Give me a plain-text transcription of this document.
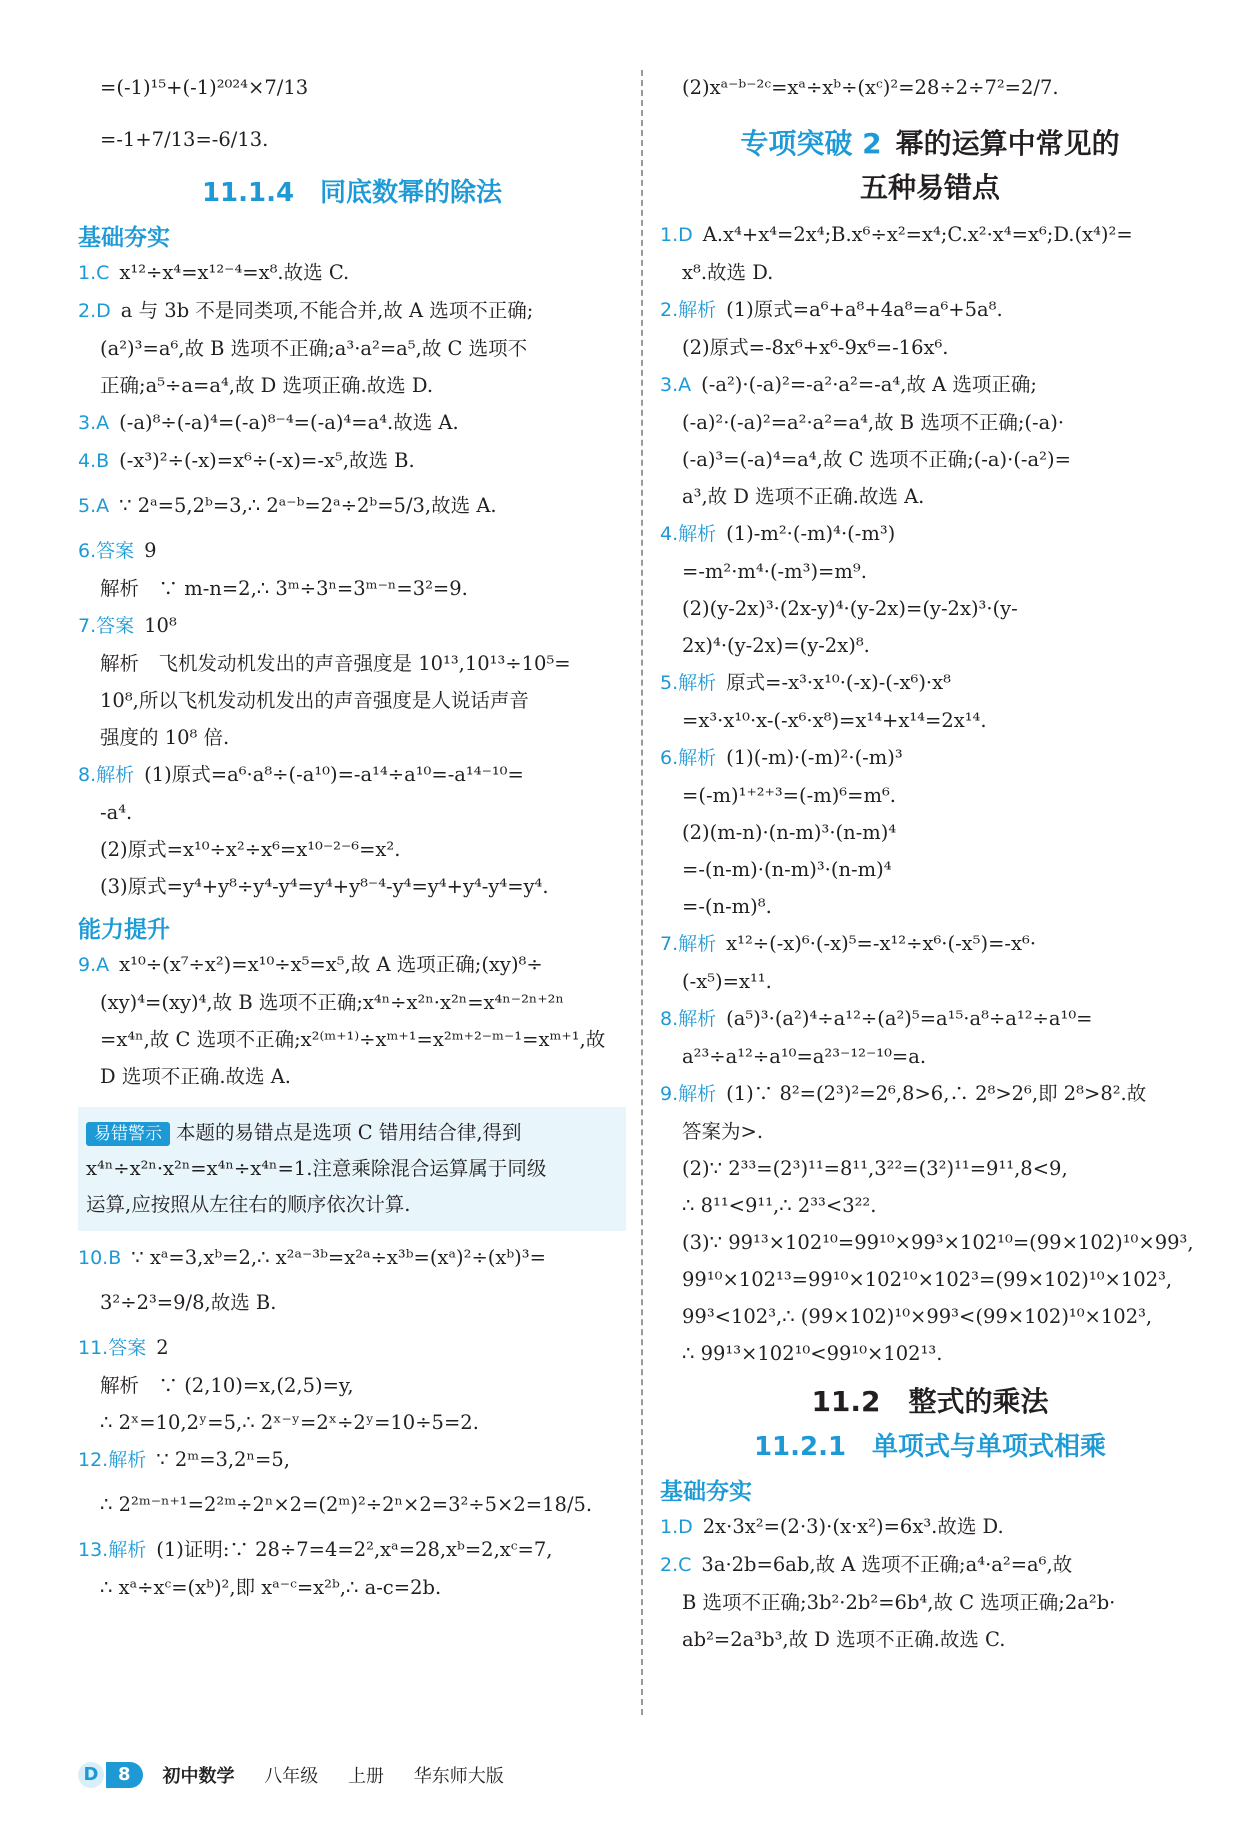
=(-1)¹⁵+(-1)²⁰²⁴×7/13
=-1+7/13=-6/13.
11.1.4　同底数幂的除法
基础夯实
1.C x¹²÷x⁴=x¹²⁻⁴=x⁸.故选 C.
2.D a 与 3b 不是同类项,不能合并,故 A 选项不正确;
(a²)³=a⁶,故 B 选项不正确;a³·a²=a⁵,故 C 选项不
正确;a⁵÷a=a⁴,故 D 选项正确.故选 D.
3.A (-a)⁸÷(-a)⁴=(-a)⁸⁻⁴=(-a)⁴=a⁴.故选 A.
4.B (-x³)²÷(-x)=x⁶÷(-x)=-x⁵,故选 B.
5.A ∵ 2ᵃ=5,2ᵇ=3,∴ 2ᵃ⁻ᵇ=2ᵃ÷2ᵇ=5/3,故选 A.
6.答案 9
解析　∵ m-n=2,∴ 3ᵐ÷3ⁿ=3ᵐ⁻ⁿ=3²=9.
7.答案 10⁸
解析　飞机发动机发出的声音强度是 10¹³,10¹³÷10⁵=
10⁸,所以飞机发动机发出的声音强度是人说话声音
强度的 10⁸ 倍.
8.解析 (1)原式=a⁶·a⁸÷(-a¹⁰)=-a¹⁴÷a¹⁰=-a¹⁴⁻¹⁰=
-a⁴.
(2)原式=x¹⁰÷x²÷x⁶=x¹⁰⁻²⁻⁶=x².
(3)原式=y⁴+y⁸÷y⁴-y⁴=y⁴+y⁸⁻⁴-y⁴=y⁴+y⁴-y⁴=y⁴.
能力提升
9.A x¹⁰÷(x⁷÷x²)=x¹⁰÷x⁵=x⁵,故 A 选项正确;(xy)⁸÷
(xy)⁴=(xy)⁴,故 B 选项不正确;x⁴ⁿ÷x²ⁿ·x²ⁿ=x⁴ⁿ⁻²ⁿ⁺²ⁿ
=x⁴ⁿ,故 C 选项不正确;x²⁽ᵐ⁺¹⁾÷xᵐ⁺¹=x²ᵐ⁺²⁻ᵐ⁻¹=xᵐ⁺¹,故
D 选项不正确.故选 A.
易错警示 本题的易错点是选项 C 错用结合律,得到
x⁴ⁿ÷x²ⁿ·x²ⁿ=x⁴ⁿ÷x⁴ⁿ=1.注意乘除混合运算属于同级
运算,应按照从左往右的顺序依次计算.
10.B ∵ xᵃ=3,xᵇ=2,∴ x²ᵃ⁻³ᵇ=x²ᵃ÷x³ᵇ=(xᵃ)²÷(xᵇ)³=
3²÷2³=9/8,故选 B.
11.答案 2
解析　∵ (2,10)=x,(2,5)=y,
∴ 2ˣ=10,2ʸ=5,∴ 2ˣ⁻ʸ=2ˣ÷2ʸ=10÷5=2.
12.解析 ∵ 2ᵐ=3,2ⁿ=5,
∴ 2²ᵐ⁻ⁿ⁺¹=2²ᵐ÷2ⁿ×2=(2ᵐ)²÷2ⁿ×2=3²÷5×2=18/5.
13.解析 (1)证明:∵ 28÷7=4=2²,xᵃ=28,xᵇ=2,xᶜ=7,
∴ xᵃ÷xᶜ=(xᵇ)²,即 xᵃ⁻ᶜ=x²ᵇ,∴ a-c=2b.
(2)xᵃ⁻ᵇ⁻²ᶜ=xᵃ÷xᵇ÷(xᶜ)²=28÷2÷7²=2/7.
专项突破 2 幂的运算中常见的
五种易错点
1.D A.x⁴+x⁴=2x⁴;B.x⁶÷x²=x⁴;C.x²·x⁴=x⁶;D.(x⁴)²=
x⁸.故选 D.
2.解析 (1)原式=a⁶+a⁸+4a⁸=a⁶+5a⁸.
(2)原式=-8x⁶+x⁶-9x⁶=-16x⁶.
3.A (-a²)·(-a)²=-a²·a²=-a⁴,故 A 选项正确;
(-a)²·(-a)²=a²·a²=a⁴,故 B 选项不正确;(-a)·
(-a)³=(-a)⁴=a⁴,故 C 选项不正确;(-a)·(-a²)=
a³,故 D 选项不正确.故选 A.
4.解析 (1)-m²·(-m)⁴·(-m³)
=-m²·m⁴·(-m³)=m⁹.
(2)(y-2x)³·(2x-y)⁴·(y-2x)=(y-2x)³·(y-
2x)⁴·(y-2x)=(y-2x)⁸.
5.解析 原式=-x³·x¹⁰·(-x)-(-x⁶)·x⁸
=x³·x¹⁰·x-(-x⁶·x⁸)=x¹⁴+x¹⁴=2x¹⁴.
6.解析 (1)(-m)·(-m)²·(-m)³
=(-m)¹⁺²⁺³=(-m)⁶=m⁶.
(2)(m-n)·(n-m)³·(n-m)⁴
=-(n-m)·(n-m)³·(n-m)⁴
=-(n-m)⁸.
7.解析 x¹²÷(-x)⁶·(-x)⁵=-x¹²÷x⁶·(-x⁵)=-x⁶·
(-x⁵)=x¹¹.
8.解析 (a⁵)³·(a²)⁴÷a¹²÷(a²)⁵=a¹⁵·a⁸÷a¹²÷a¹⁰=
a²³÷a¹²÷a¹⁰=a²³⁻¹²⁻¹⁰=a.
9.解析 (1)∵ 8²=(2³)²=2⁶,8>6,∴ 2⁸>2⁶,即 2⁸>8².故
答案为>.
(2)∵ 2³³=(2³)¹¹=8¹¹,3²²=(3²)¹¹=9¹¹,8<9,
∴ 8¹¹<9¹¹,∴ 2³³<3²².
(3)∵ 99¹³×102¹⁰=99¹⁰×99³×102¹⁰=(99×102)¹⁰×99³,
99¹⁰×102¹³=99¹⁰×102¹⁰×102³=(99×102)¹⁰×102³,
99³<102³,∴ (99×102)¹⁰×99³<(99×102)¹⁰×102³,
∴ 99¹³×102¹⁰<99¹⁰×102¹³.
11.2　整式的乘法
11.2.1　单项式与单项式相乘
基础夯实
1.D 2x·3x²=(2·3)·(x·x²)=6x³.故选 D.
2.C 3a·2b=6ab,故 A 选项不正确;a⁴·a²=a⁶,故
B 选项不正确;3b²·2b²=6b⁴,故 C 选项正确;2a²b·
ab²=2a³b³,故 D 选项不正确.故选 C.
D	8	初中数学 八年级 上册 华东师大版
